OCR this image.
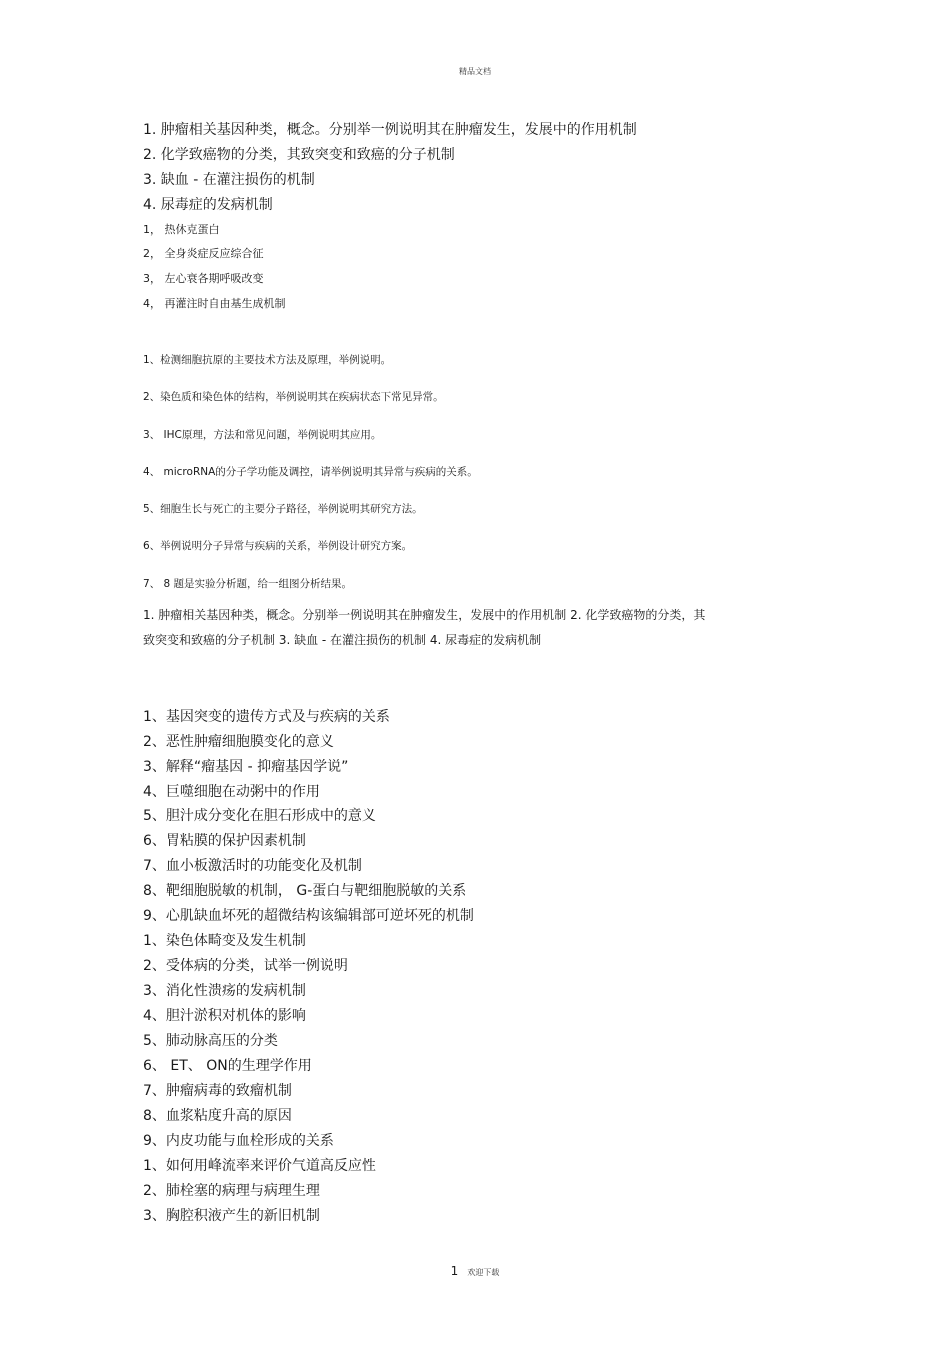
精品文档
1. 肿瘤相关基因种类，概念。分别举一例说明其在肿瘤发生，发展中的作用机制
2. 化学致癌物的分类，其致突变和致癌的分子机制
3. 缺血 - 在灌注损伤的机制
4. 尿毒症的发病机制
1， 热休克蛋白
2， 全身炎症反应综合征
3， 左心衰各期呼吸改变
4， 再灌注时自由基生成机制
1、检测细胞抗原的主要技术方法及原理，举例说明。
2、染色质和染色体的结构，举例说明其在疾病状态下常见异常。
3、 IHC原理，方法和常见问题，举例说明其应用。
4、 microRNA的分子学功能及调控，请举例说明其异常与疾病的关系。
5、细胞生长与死亡的主要分子路径，举例说明其研究方法。
6、举例说明分子异常与疾病的关系，举例设计研究方案。
7、 8 题是实验分析题，给一组图分析结果。
1. 肿瘤相关基因种类，概念。分别举一例说明其在肿瘤发生，发展中的作用机制 2. 化学致癌物的分类，其
致突变和致癌的分子机制 3. 缺血 - 在灌注损伤的机制 4. 尿毒症的发病机制
1、基因突变的遗传方式及与疾病的关系
2、恶性肿瘤细胞膜变化的意义
3、解释“瘤基因 - 抑瘤基因学说”
4、巨噬细胞在动粥中的作用
5、胆汁成分变化在胆石形成中的意义
6、胃粘膜的保护因素机制
7、血小板激活时的功能变化及机制
8、靶细胞脱敏的机制， G-蛋白与靶细胞脱敏的关系
9、心肌缺血坏死的超微结构该编辑部可逆坏死的机制
1、染色体畸变及发生机制
2、受体病的分类，试举一例说明
3、消化性溃疡的发病机制
4、胆汁淤积对机体的影响
5、肺动脉高压的分类
6、 ET、 ON的生理学作用
7、肿瘤病毒的致瘤机制
8、血浆粘度升高的原因
9、内皮功能与血栓形成的关系
1、如何用峰流率来评价气道高反应性
2、肺栓塞的病理与病理生理
3、胸腔积液产生的新旧机制
1 欢迎下载
